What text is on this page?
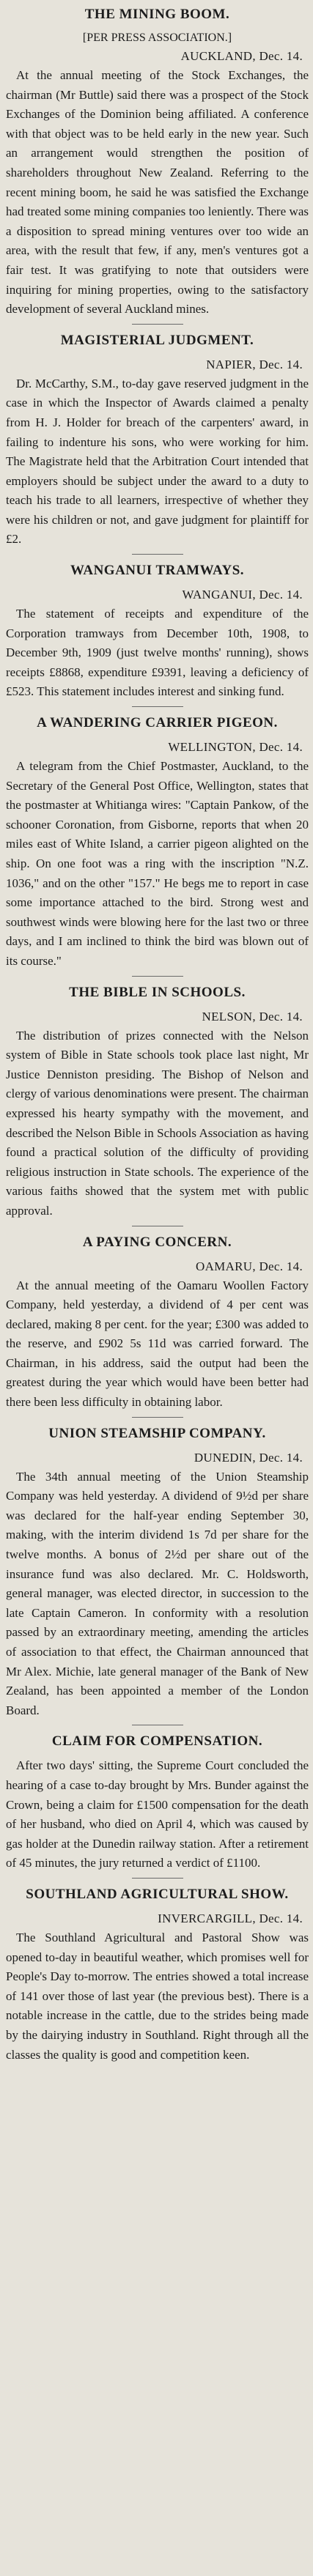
THE MINING BOOM.
[PER PRESS ASSOCIATION.]
AUCKLAND, Dec. 14.

At the annual meeting of the Stock Exchanges, the chairman (Mr Buttle) said there was a prospect of the Stock Exchanges of the Dominion being affiliated. A conference with that object was to be held early in the new year. Such an arrangement would strengthen the position of shareholders throughout New Zealand. Referring to the recent mining boom, he said he was satisfied the Exchange had treated some mining companies too leniently. There was a disposition to spread mining ventures over too wide an area, with the result that few, if any, men's ventures got a fair test. It was gratifying to note that outsiders were inquiring for mining properties, owing to the satisfactory development of several Auckland mines.

MAGISTERIAL JUDGMENT.
NAPIER, Dec. 14.

Dr. McCarthy, S.M., to-day gave reserved judgment in the case in which the Inspector of Awards claimed a penalty from H. J. Holder for breach of the carpenters' award, in failing to indenture his sons, who were working for him. The Magistrate held that the Arbitration Court intended that employers should be subject under the award to a duty to teach his trade to all learners, irrespective of whether they were his children or not, and gave judgment for plaintiff for £2.

WANGANUI TRAMWAYS.
WANGANUI, Dec. 14.

The statement of receipts and expenditure of the Corporation tramways from December 10th, 1908, to December 9th, 1909 (just twelve months' running), shows receipts £8868, expenditure £9391, leaving a deficiency of £523. This statement includes interest and sinking fund.

A WANDERING CARRIER PIGEON.
WELLINGTON, Dec. 14.

A telegram from the Chief Postmaster, Auckland, to the Secretary of the General Post Office, Wellington, states that the postmaster at Whitianga wires: "Captain Pankow, of the schooner Coronation, from Gisborne, reports that when 20 miles east of White Island, a carrier pigeon alighted on the ship. On one foot was a ring with the inscription "N.Z. 1036," and on the other "157." He begs me to report in case some importance attached to the bird. Strong west and southwest winds were blowing here for the last two or three days, and I am inclined to think the bird was blown out of its course."

THE BIBLE IN SCHOOLS.
NELSON, Dec. 14.

The distribution of prizes connected with the Nelson system of Bible in State schools took place last night, Mr Justice Denniston presiding. The Bishop of Nelson and clergy of various denominations were present. The chairman expressed his hearty sympathy with the movement, and described the Nelson Bible in Schools Association as having found a practical solution of the difficulty of providing religious instruction in State schools. The experience of the various faiths showed that the system met with public approval.

A PAYING CONCERN.
OAMARU, Dec. 14.

At the annual meeting of the Oamaru Woollen Factory Company, held yesterday, a dividend of 4 per cent was declared, making 8 per cent. for the year; £300 was added to the reserve, and £902 5s 11d was carried forward. The Chairman, in his address, said the output had been the greatest during the year which would have been better had there been less difficulty in obtaining labor.

UNION STEAMSHIP COMPANY.
DUNEDIN, Dec. 14.

The 34th annual meeting of the Union Steamship Company was held yesterday. A dividend of 9½d per share was declared for the half-year ending September 30, making, with the interim dividend 1s 7d per share for the twelve months. A bonus of 2½d per share out of the insurance fund was also declared. Mr. C. Holdsworth, general manager, was elected director, in succession to the late Captain Cameron. In conformity with a resolution passed by an extraordinary meeting, amending the articles of association to that effect, the Chairman announced that Mr Alex. Michie, late general manager of the Bank of New Zealand, has been appointed a member of the London Board.

CLAIM FOR COMPENSATION.

After two days' sitting, the Supreme Court concluded the hearing of a case to-day brought by Mrs. Bunder against the Crown, being a claim for £1500 compensation for the death of her husband, who died on April 4, which was caused by gas holder at the Dunedin railway station. After a retirement of 45 minutes, the jury returned a verdict of £1100.

SOUTHLAND AGRICULTURAL SHOW.
INVERCARGILL, Dec. 14.

The Southland Agricultural and Pastoral Show was opened to-day in beautiful weather, which promises well for People's Day to-morrow. The entries showed a total increase of 141 over those of last year (the previous best). There is a notable increase in the cattle, due to the strides being made by the dairying industry in Southland. Right through all the classes the quality is good and competition keen.
